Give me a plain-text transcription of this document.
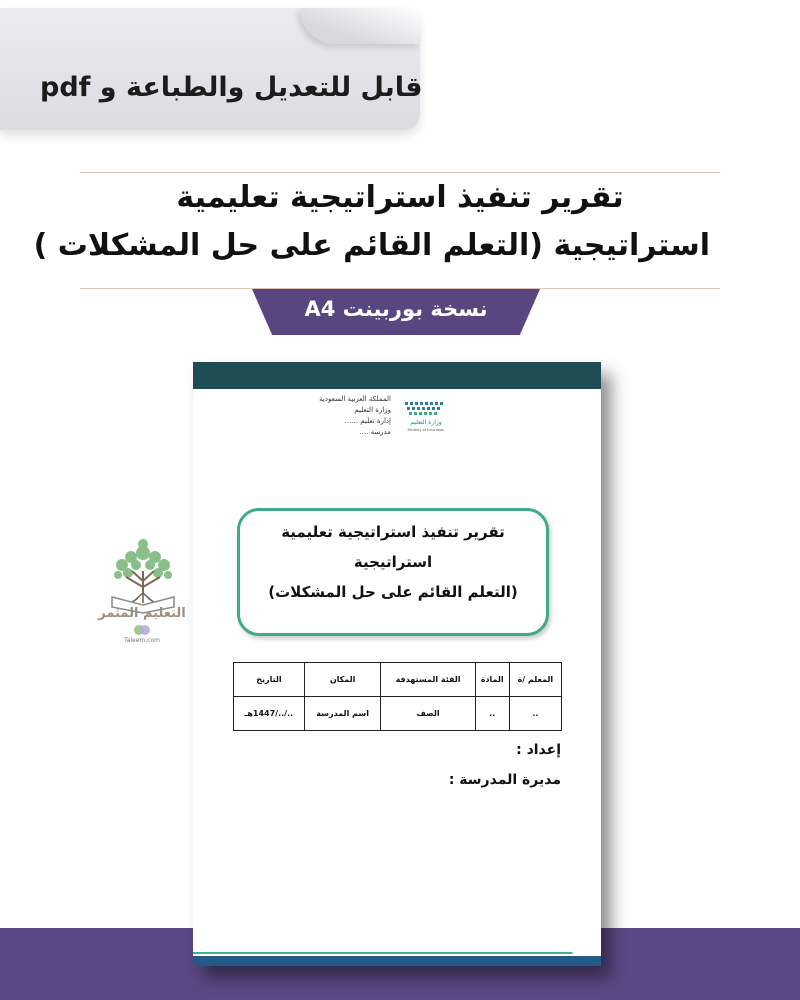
قابل للتعديل والطباعة و pdf
تقرير تنفيذ استراتيجية تعليمية
استراتيجية (التعلم القائم على حل المشكلات )
نسخة بوربينت A4
التعليم المثمر
Taleem.com
المملكة العربية السعودية
وزارة التعليم
إدارة تعليم ......
مدرسة ....
وزارة التعليم
Ministry of Education
تقرير تنفيذ استراتيجية تعليمية
استراتيجية
(التعلم القائم على حل المشكلات)
المعلم /ة	المادة	الفئة المستهدفة	المكان	التاريخ
..	..	الصف	اسم المدرسة	../../1447هـ
إعداد :
مديرة المدرسة :
